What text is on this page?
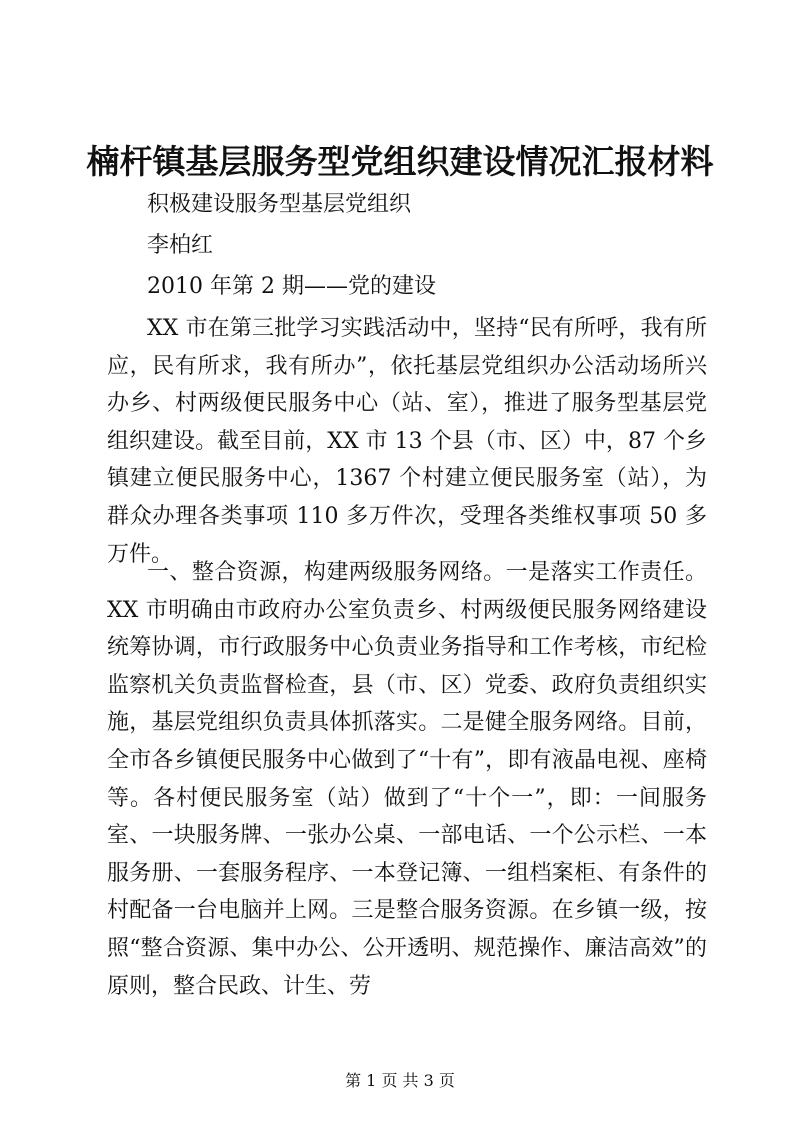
楠杆镇基层服务型党组织建设情况汇报材料
积极建设服务型基层党组织
李柏红
2010 年第 2 期——党的建设
XX 市在第三批学习实践活动中，坚持“民有所呼，我有所应，民有所求，我有所办”，依托基层党组织办公活动场所兴办乡、村两级便民服务中心（站、室），推进了服务型基层党组织建设。截至目前，XX 市 13 个县（市、区）中，87 个乡镇建立便民服务中心，1367 个村建立便民服务室（站），为群众办理各类事项 110 多万件次，受理各类维权事项 50 多万件。
一、整合资源，构建两级服务网络。一是落实工作责任。XX 市明确由市政府办公室负责乡、村两级便民服务网络建设统筹协调，市行政服务中心负责业务指导和工作考核，市纪检监察机关负责监督检查，县（市、区）党委、政府负责组织实施，基层党组织负责具体抓落实。二是健全服务网络。目前，全市各乡镇便民服务中心做到了“十有”，即有液晶电视、座椅等。各村便民服务室（站）做到了“十个一”，即：一间服务室、一块服务牌、一张办公桌、一部电话、一个公示栏、一本服务册、一套服务程序、一本登记簿、一组档案柜、有条件的村配备一台电脑并上网。三是整合服务资源。在乡镇一级，按照“整合资源、集中办公、公开透明、规范操作、廉洁高效”的原则，整合民政、计生、劳
第 1 页 共 3 页
